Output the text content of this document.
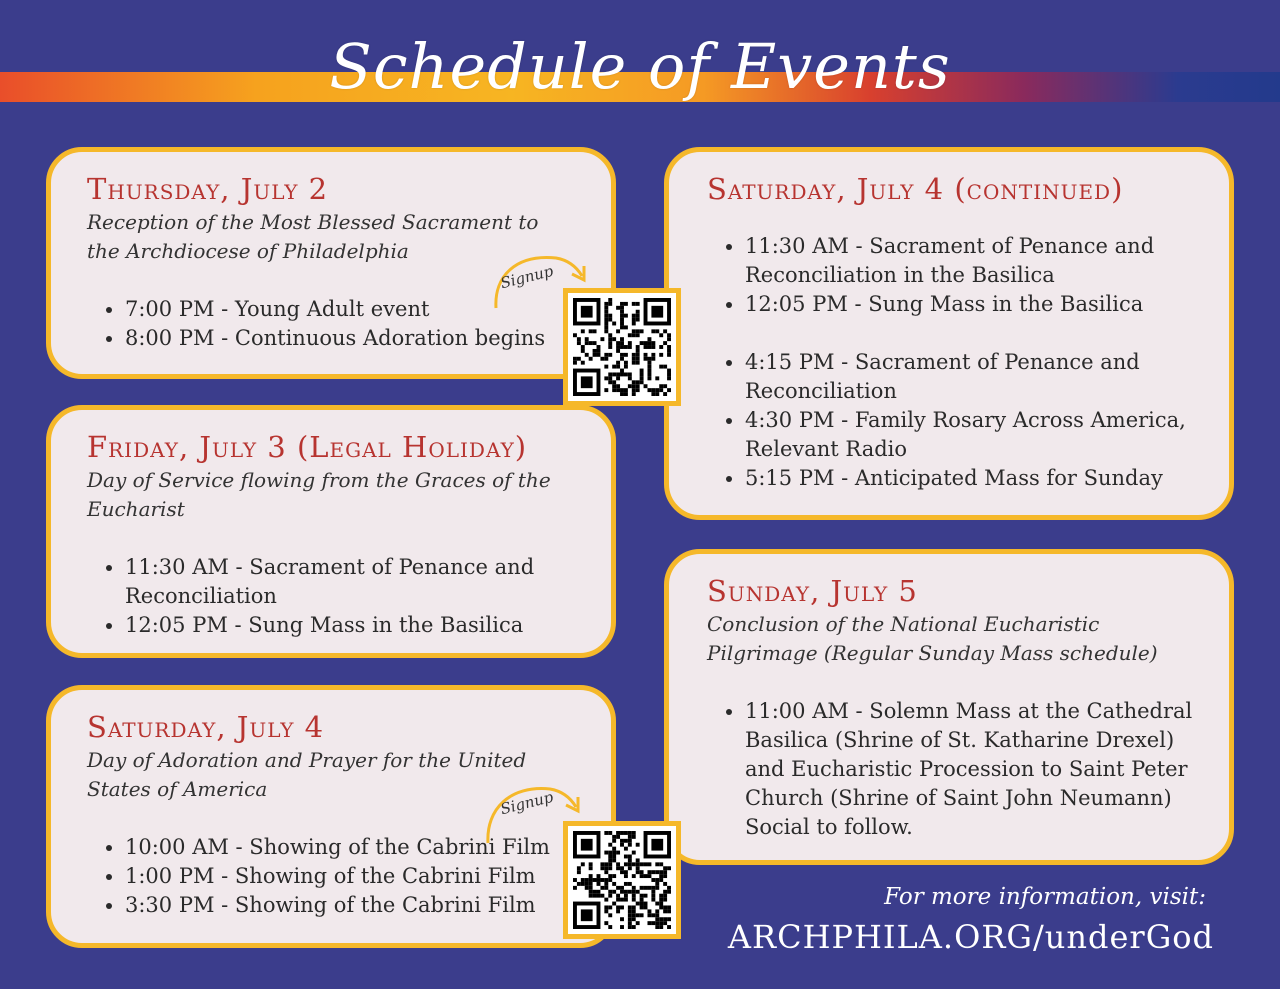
Schedule of Events
Thursday, July 2

Reception of the Most Blessed Sacrament to the Archdiocese of Philadelphia

• 7:00 PM - Young Adult event
• 8:00 PM - Continuous Adoration begins
Friday, July 3 (Legal Holiday)

Day of Service flowing from the Graces of the Eucharist

• 11:30 AM - Sacrament of Penance and Reconciliation
• 12:05 PM - Sung Mass in the Basilica
Saturday, July 4

Day of Adoration and Prayer for the United States of America

• 10:00 AM - Showing of the Cabrini Film
• 1:00 PM - Showing of the Cabrini Film
• 3:30 PM - Showing of the Cabrini Film
Saturday, July 4 (continued)
• 11:30 AM - Sacrament of Penance and Reconciliation in the Basilica
• 12:05 PM - Sung Mass in the Basilica
• 4:15 PM - Sacrament of Penance and Reconciliation
• 4:30 PM - Family Rosary Across America, Relevant Radio
• 5:15 PM - Anticipated Mass for Sunday
Sunday, July 5

Conclusion of the National Eucharistic Pilgrimage (Regular Sunday Mass schedule)

• 11:00 AM - Solemn Mass at the Cathedral Basilica (Shrine of St. Katharine Drexel) and Eucharistic Procession to Saint Peter Church (Shrine of Saint John Neumann) Social to follow.
Signup
Signup
For more information, visit:
ARCHPHILA.ORG/underGod
